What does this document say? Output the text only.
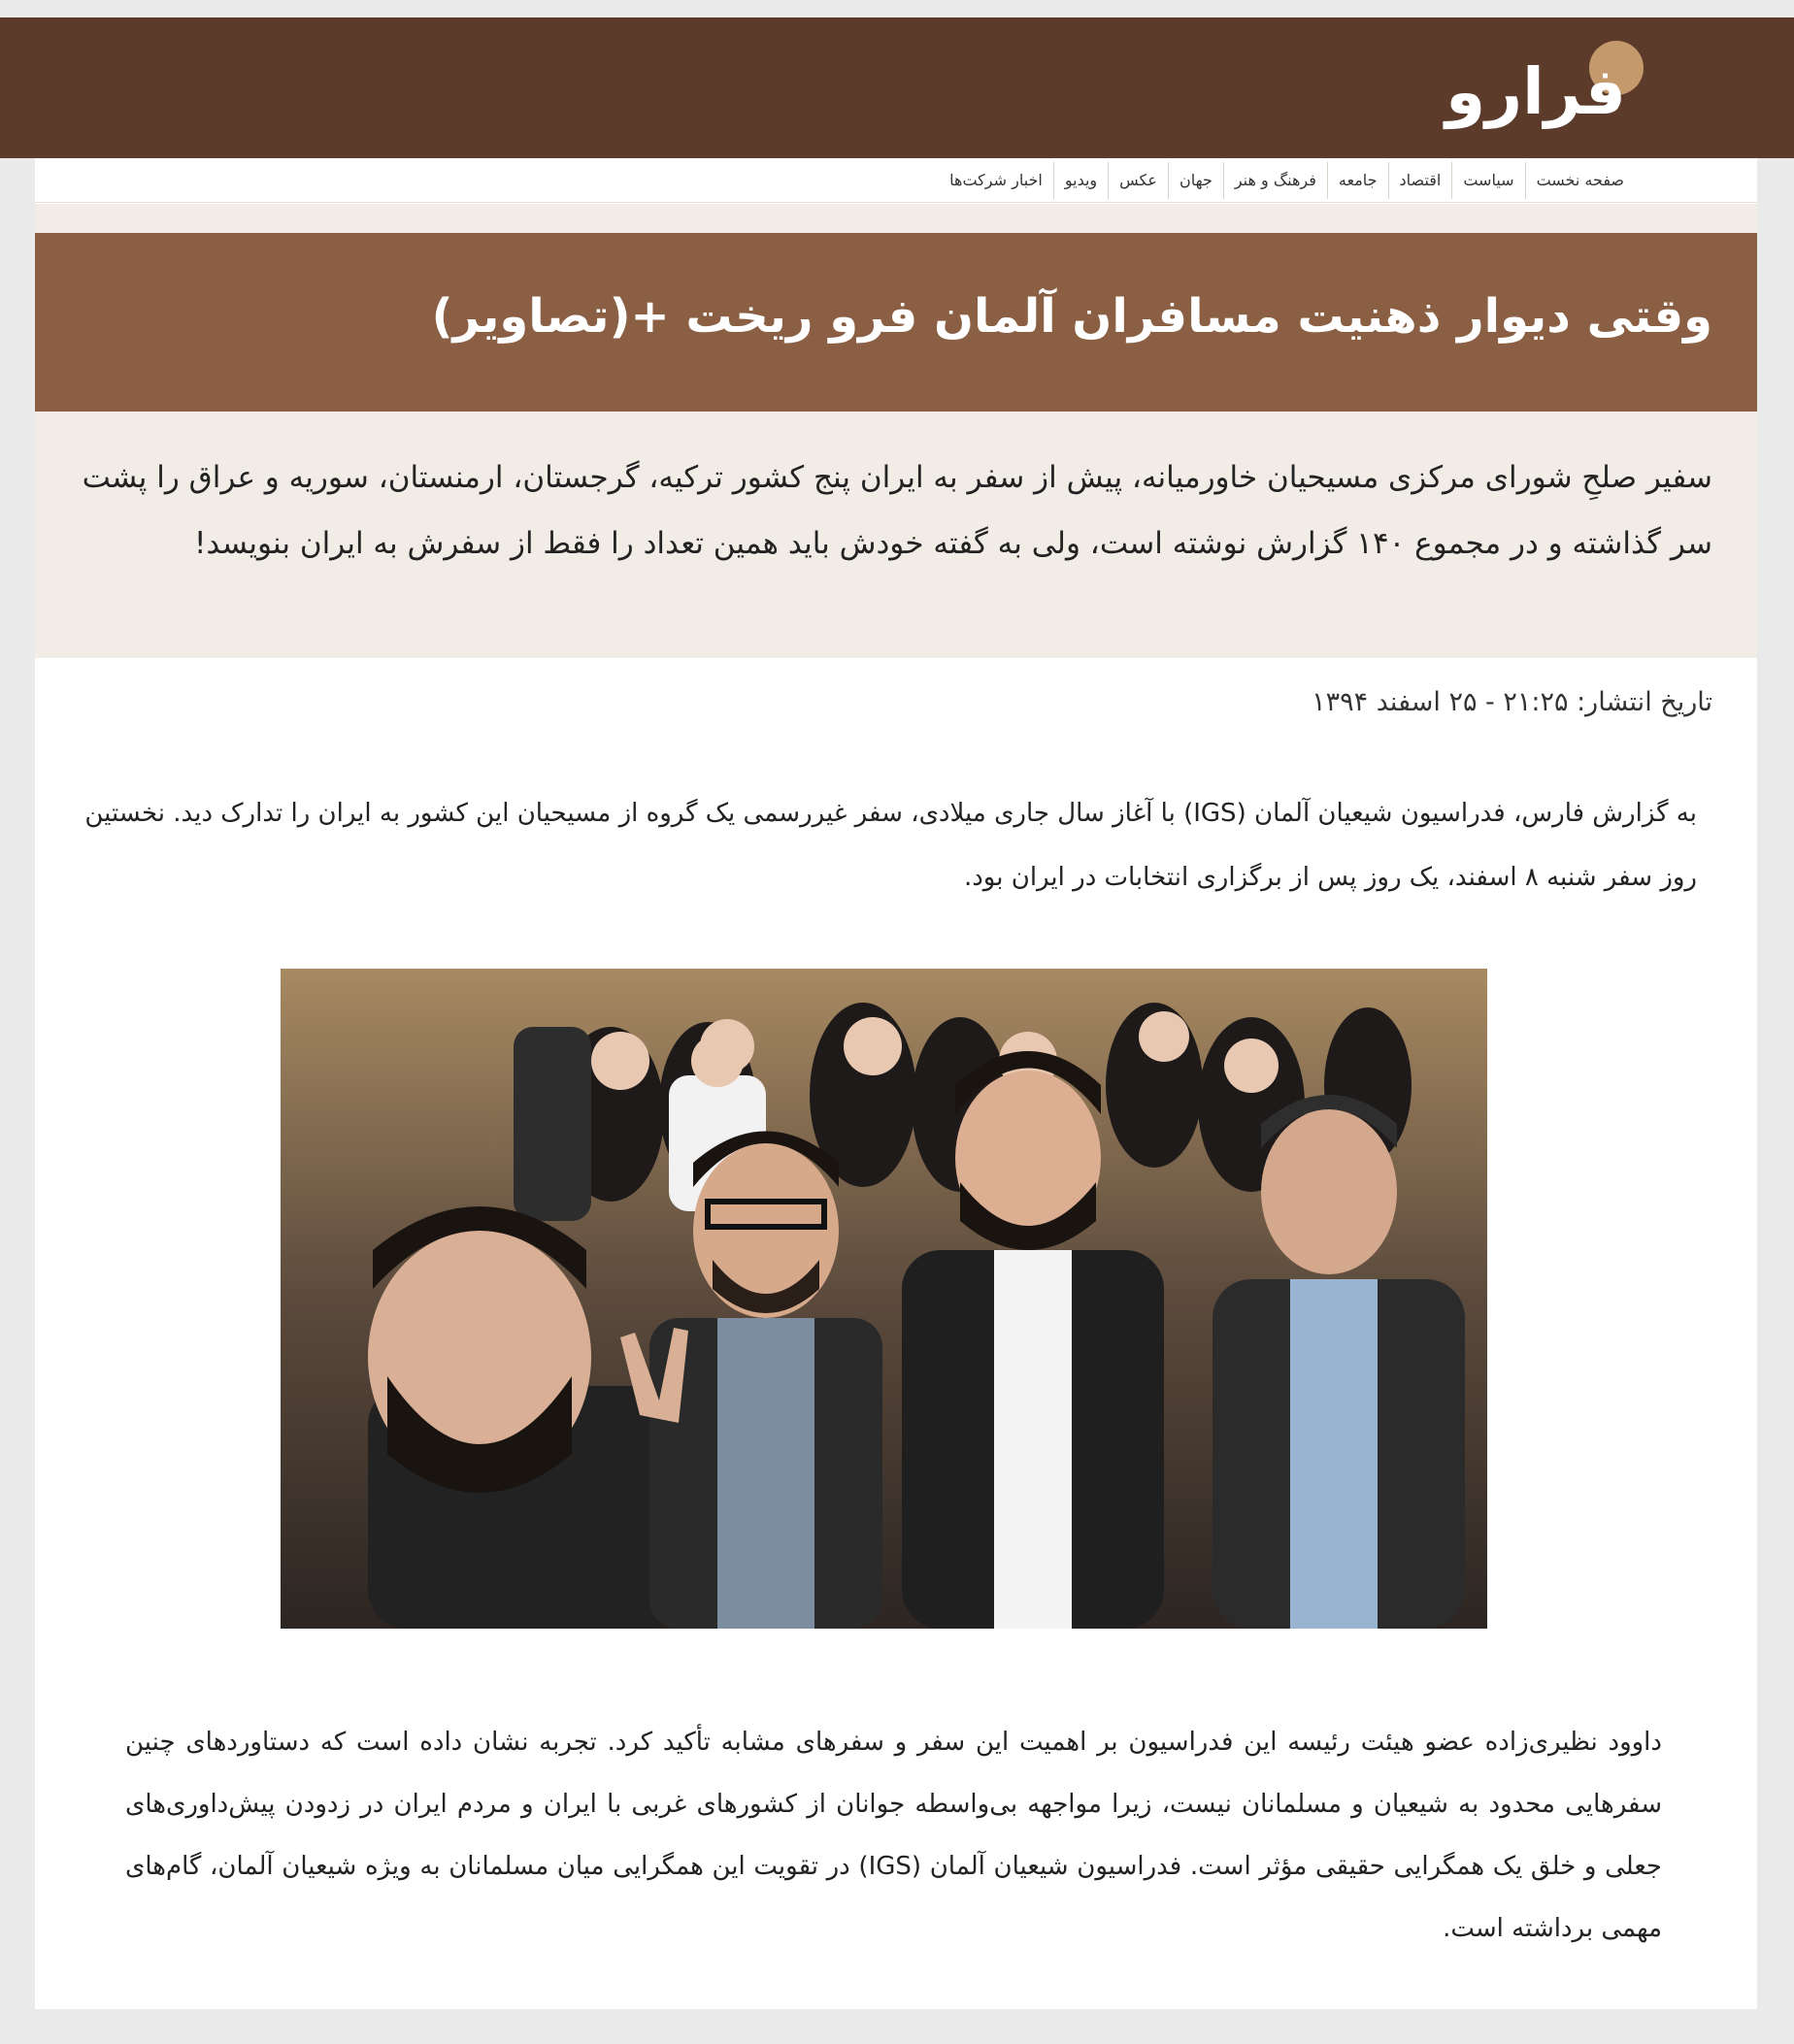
فرارو
صفحه نخست
سیاست
اقتصاد
جامعه
فرهنگ و هنر
جهان
عکس
ویدیو
اخبار شرکت‌ها
وقتی دیوار ذهنیت مسافران آلمان فرو ریخت +(تصاویر)

سفیر صلحِ شورای مرکزی مسیحیان خاورمیانه، پیش از سفر به ایران پنج کشور ترکیه، گرجستان، ارمنستان، سوریه و عراق را پشت سر گذاشته و در مجموع ۱۴۰ گزارش نوشته است، ولی به گفته خودش باید همین تعداد را فقط از سفرش به ایران بنویسد!

تاریخ انتشار: ۲۱:۲۵ - ۲۵ اسفند ۱۳۹۴

به گزارش فارس، فدراسیون شیعیان آلمان (IGS) با آغاز سال جاری میلادی، سفر غیررسمی یک گروه از مسیحیان این کشور به ایران را تدارک دید. نخستین روز سفر شنبه ۸ اسفند، یک روز پس از برگزاری انتخابات در ایران بود.

داوود نظیری‌زاده عضو هیئت رئیسه این فدراسیون بر اهمیت این سفر و سفرهای مشابه تأکید کرد. تجربه نشان داده است که دستاوردهای چنین سفرهایی محدود به شیعیان و مسلمانان نیست، زیرا مواجهه بی‌واسطه جوانان از کشورهای غربی با ایران و مردم ایران در زدودن پیش‌داوری‌های جعلی و خلق یک همگرایی حقیقی مؤثر است. فدراسیون شیعیان آلمان (IGS) در تقویت این همگرایی میان مسلمانان به ویژه شیعیان آلمان، گام‌های مهمی برداشته است.
